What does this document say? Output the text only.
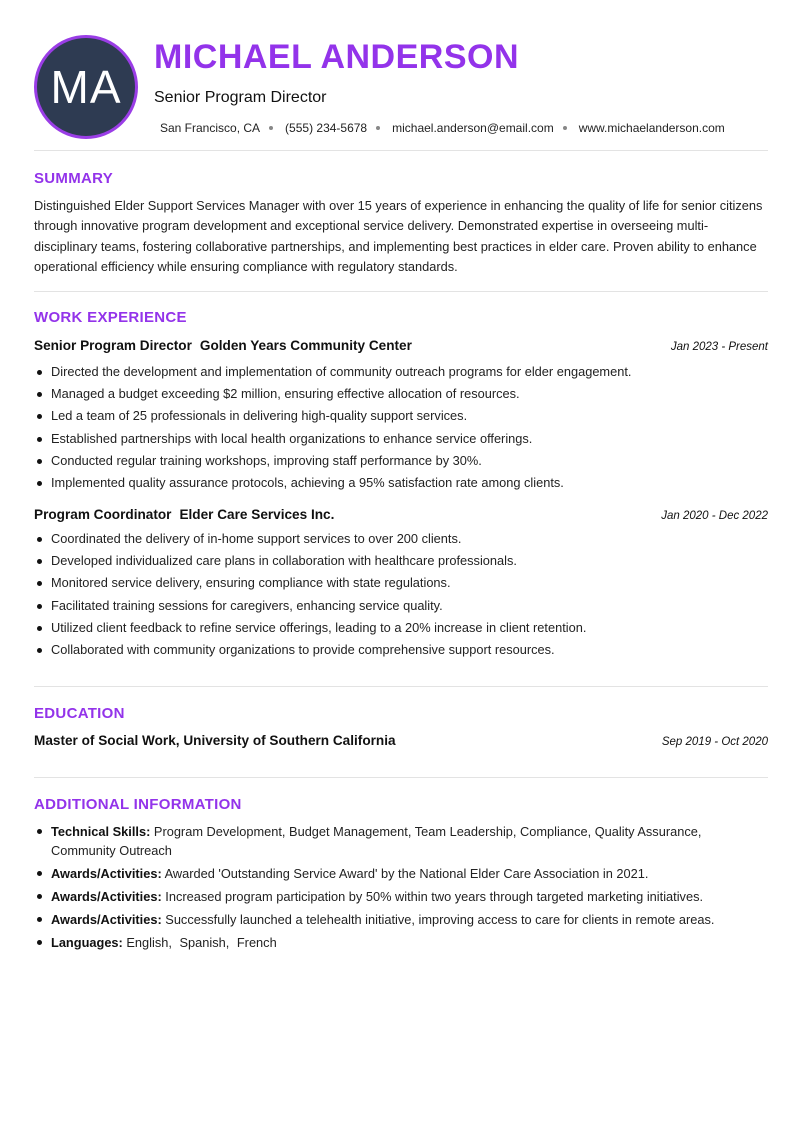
MA
MICHAEL ANDERSON
Senior Program Director
San Francisco, CA (555) 234-5678 michael.anderson@email.com www.michaelanderson.com
SUMMARY

Distinguished Elder Support Services Manager with over 15 years of experience in enhancing the quality of life for senior citizens through innovative program development and exceptional service delivery. Demonstrated expertise in overseeing multi-disciplinary teams, fostering collaborative partnerships, and implementing best practices in elder care. Proven ability to enhance operational efficiency while ensuring compliance with regulatory standards.

WORK EXPERIENCE
Senior Program Director Golden Years Community Center	Jan 2023 - Present
Directed the development and implementation of community outreach programs for elder engagement.
Managed a budget exceeding $2 million, ensuring effective allocation of resources.
Led a team of 25 professionals in delivering high-quality support services.
Established partnerships with local health organizations to enhance service offerings.
Conducted regular training workshops, improving staff performance by 30%.
Implemented quality assurance protocols, achieving a 95% satisfaction rate among clients.
Program Coordinator Elder Care Services Inc.	Jan 2020 - Dec 2022
Coordinated the delivery of in-home support services to over 200 clients.
Developed individualized care plans in collaboration with healthcare professionals.
Monitored service delivery, ensuring compliance with state regulations.
Facilitated training sessions for caregivers, enhancing service quality.
Utilized client feedback to refine service offerings, leading to a 20% increase in client retention.
Collaborated with community organizations to provide comprehensive support resources.
EDUCATION
Master of Social Work, University of Southern California	Sep 2019 - Oct 2020
ADDITIONAL INFORMATION
Technical Skills: Program Development, Budget Management, Team Leadership, Compliance, Quality Assurance, Community Outreach
Awards/Activities: Awarded 'Outstanding Service Award' by the National Elder Care Association in 2021.
Awards/Activities: Increased program participation by 50% within two years through targeted marketing initiatives.
Awards/Activities: Successfully launched a telehealth initiative, improving access to care for clients in remote areas.
Languages: English, Spanish, French
